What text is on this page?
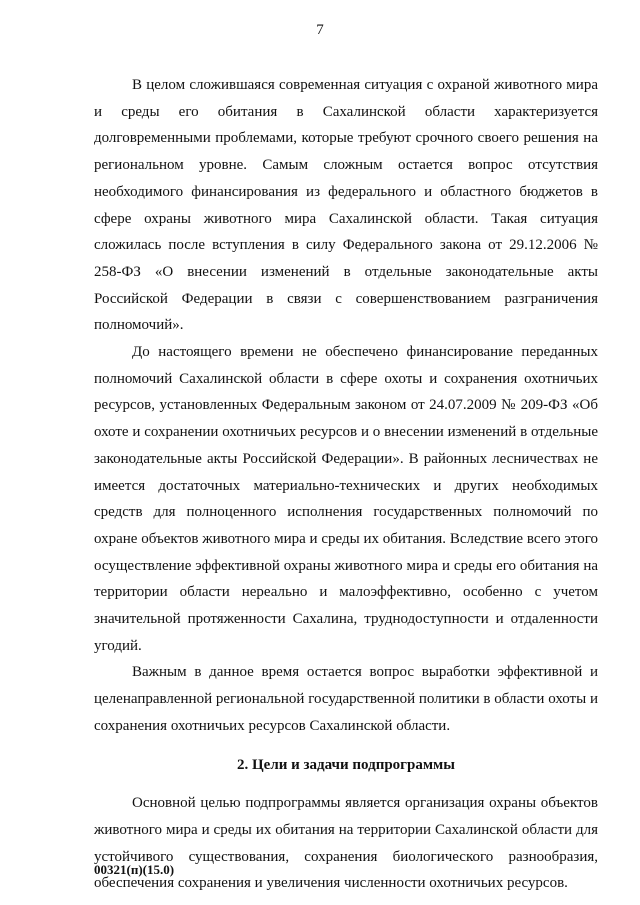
7

В целом сложившаяся современная ситуация с охраной животного мира и среды его обитания в Сахалинской области характеризуется долговременными проблемами, которые требуют срочного своего решения на региональном уровне. Самым сложным остается вопрос отсутствия необходимого финансирования из федерального и областного бюджетов в сфере охраны животного мира Сахалинской области. Такая ситуация сложилась после вступления в силу Федерального закона от 29.12.2006 № 258-ФЗ «О внесении изменений в отдельные законодательные акты Российской Федерации в связи с совершенствованием разграничения полномочий».

До настоящего времени не обеспечено финансирование переданных полномочий Сахалинской области в сфере охоты и сохранения охотничьих ресурсов, установленных Федеральным законом от 24.07.2009 № 209-ФЗ «Об охоте и сохранении охотничьих ресурсов и о внесении изменений в отдельные законодательные акты Российской Федерации». В районных лесничествах не имеется достаточных материально-технических и других необходимых средств для полноценного исполнения государственных полномочий по охране объектов животного мира и среды их обитания. Вследствие всего этого осуществление эффективной охраны животного мира и среды его обитания на территории области нереально и малоэффективно, особенно с учетом значительной протяженности Сахалина, труднодоступности и отдаленности угодий.

Важным в данное время остается вопрос выработки эффективной и целенаправленной региональной государственной политики в области охоты и сохранения охотничьих ресурсов Сахалинской области.

2. Цели и задачи подпрограммы

Основной целью подпрограммы является организация охраны объектов животного мира и среды их обитания на территории Сахалинской области для устойчивого существования, сохранения биологического разнообразия, обеспечения сохранения и увеличения численности охотничьих ресурсов.

00321(п)(15.0)
